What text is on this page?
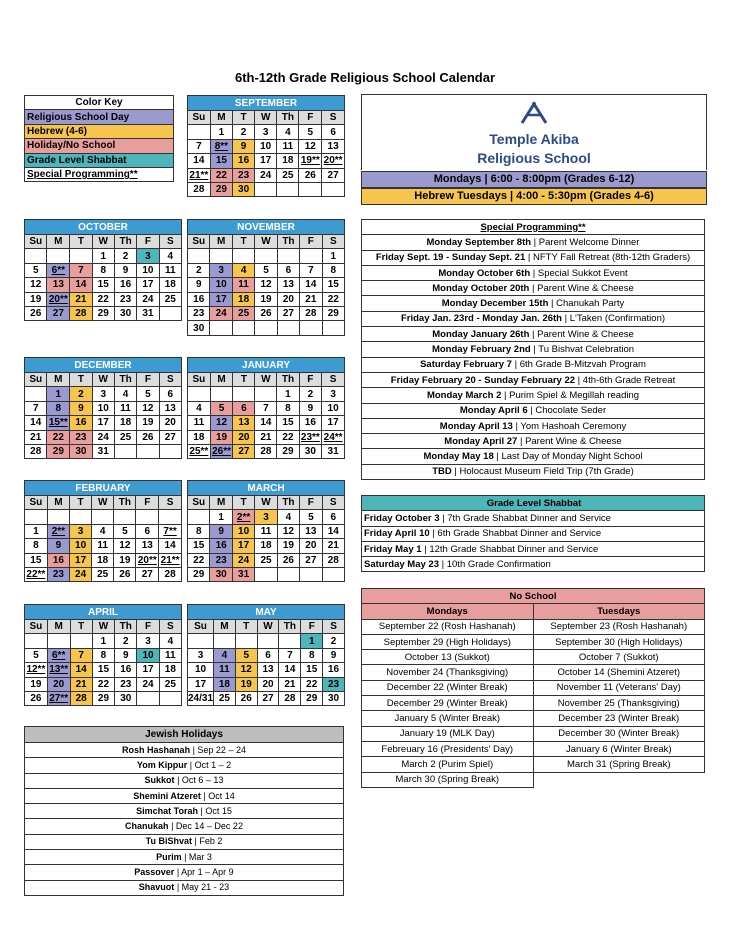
6th-12th Grade Religious School Calendar
Color Key
Religious School Day
Hebrew (4-6)
Holiday/No School
Grade Level Shabbat
Special Programming**
Temple Akiba
Religious School
Mondays | 6:00 - 8:00pm (Grades 6-12)
Hebrew Tuesdays | 4:00 - 5:30pm (Grades 4-6)
SEPTEMBER						
Su	M	T	W	Th	F	S
	1	2	3	4	5	6
7	8**	9	10	11	12	13
14	15	16	17	18	19**	20**
21**	22	23	24	25	26	27
28	29	30				
OCTOBER						
Su	M	T	W	Th	F	S
			1	2	3	4
5	6**	7	8	9	10	11
12	13	14	15	16	17	18
19	20**	21	22	23	24	25
26	27	28	29	30	31	
NOVEMBER						
Su	M	T	W	Th	F	S
						1
2	3	4	5	6	7	8
9	10	11	12	13	14	15
16	17	18	19	20	21	22
23	24	25	26	27	28	29
30						
DECEMBER						
Su	M	T	W	Th	F	S
	1	2	3	4	5	6
7	8	9	10	11	12	13
14	15**	16	17	18	19	20
21	22	23	24	25	26	27
28	29	30	31			
JANUARY						
Su	M	T	W	Th	F	S
				1	2	3
4	5	6	7	8	9	10
11	12	13	14	15	16	17
18	19	20	21	22	23**	24**
25**	26**	27	28	29	30	31
FEBRUARY						
Su	M	T	W	Th	F	S

1	2**	3	4	5	6	7**
8	9	10	11	12	13	14
15	16	17	18	19	20**	21**
22**	23	24	25	26	27	28
MARCH						
Su	M	T	W	Th	F	S
	1	2**	3	4	5	6
8	9	10	11	12	13	14
15	16	17	18	19	20	21
22	23	24	25	26	27	28
29	30	31				
APRIL						
Su	M	T	W	Th	F	S
			1	2	3	4
5	6**	7	8	9	10	11
12**	13**	14	15	16	17	18
19	20	21	22	23	24	25
26	27**	28	29	30		
MAY						
Su	M	T	W	Th	F	S
					1	2
3	4	5	6	7	8	9
10	11	12	13	14	15	16
17	18	19	20	21	22	23
24/31	25	26	27	28	29	30
Special Programming**
Monday September 8th | Parent Welcome Dinner
Friday Sept. 19 - Sunday Sept. 21 | NFTY Fall Retreat (8th-12th Graders)
Monday October 6th | Special Sukkot Event
Monday October 20th | Parent Wine & Cheese
Monday December 15th | Chanukah Party
Friday Jan. 23rd - Monday Jan. 26th | L'Taken (Confirmation)
Monday January 26th | Parent Wine & Cheese
Monday February 2nd | Tu Bishvat Celebration
Saturday February 7 | 6th Grade B-Mitzvah Program
Friday February 20 - Sunday February 22 | 4th-6th Grade Retreat
Monday March 2 | Purim Spiel & Megillah reading
Monday April 6 | Chocolate Seder
Monday April 13 | Yom Hashoah Ceremony
Monday April 27 | Parent Wine & Cheese
Monday May 18 | Last Day of Monday Night School
TBD | Holocaust Museum Field Trip (7th Grade)
Grade Level Shabbat
Friday October 3 | 7th Grade Shabbat Dinner and Service
Friday April 10 | 6th Grade Shabbat Dinner and Service
Friday May 1 | 12th Grade Shabbat Dinner and Service
Saturday May 23 | 10th Grade Confirmation
No School	
Mondays	Tuesdays
September 22 (Rosh Hashanah)	September 23 (Rosh Hashanah)
September 29 (High Holidays)	September 30 (High Holidays)
October 13 (Sukkot)	October 7 (Sukkot)
November 24 (Thanksgiving)	October 14 (Shemini Atzeret)
December 22 (Winter Break)	November 11 (Veterans' Day)
December 29 (Winter Break)	November 25 (Thanksgiving)
January 5 (Winter Break)	December 23 (Winter Break)
January 19 (MLK Day)	December 30 (Winter Break)
Febreuary 16 (Presidents' Day)	January 6 (Winter Break)
March 2 (Purim Spiel)	March 31 (Spring Break)
March 30 (Spring Break)	
Jewish Holidays
Rosh Hashanah | Sep 22 – 24
Yom Kippur | Oct 1 – 2
Sukkot | Oct 6 – 13
Shemini Atzeret | Oct 14
Simchat Torah | Oct 15
Chanukah | Dec 14 – Dec 22
Tu BiShvat | Feb 2
Purim | Mar 3
Passover | Apr 1 – Apr 9
Shavuot | May 21 - 23
